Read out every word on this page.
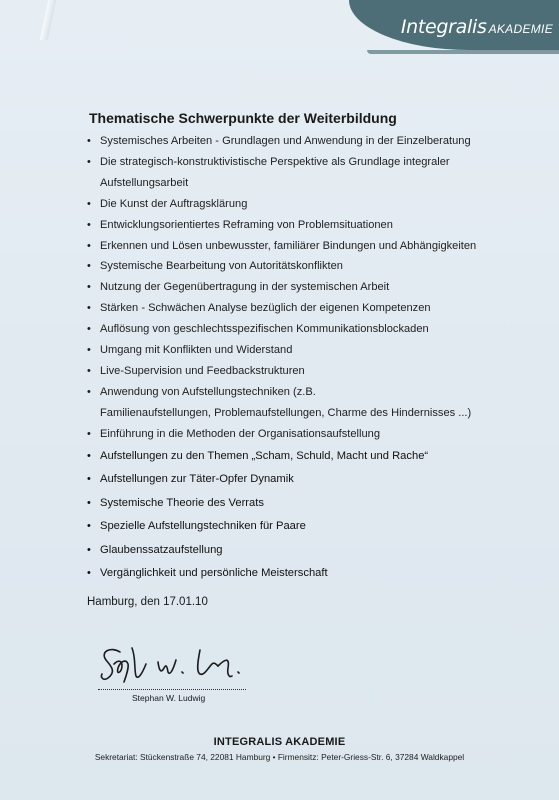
Integralis AKADEMIE
Thematische Schwerpunkte der Weiterbildung
• Systemisches Arbeiten - Grundlagen und Anwendung in der Einzelberatung
• Die strategisch-konstruktivistische Perspektive als Grundlage integraler
Aufstellungsarbeit
• Die Kunst der Auftragsklärung
• Entwicklungsorientiertes Reframing von Problemsituationen
• Erkennen und Lösen unbewusster, familiärer Bindungen und Abhängigkeiten
• Systemische Bearbeitung von Autoritätskonflikten
• Nutzung der Gegenübertragung in der systemischen Arbeit
• Stärken - Schwächen Analyse bezüglich der eigenen Kompetenzen
• Auflösung von geschlechtsspezifischen Kommunikationsblockaden
• Umgang mit Konflikten und Widerstand
• Live-Supervision und Feedbackstrukturen
• Anwendung von Aufstellungstechniken (z.B.
Familienaufstellungen, Problemaufstellungen, Charme des Hindernisses ...)
• Einführung in die Methoden der Organisationsaufstellung
• Aufstellungen zu den Themen „Scham, Schuld, Macht und Rache“
• Aufstellungen zur Täter-Opfer Dynamik
• Systemische Theorie des Verrats
• Spezielle Aufstellungstechniken für Paare
• Glaubenssatzaufstellung
• Vergänglichkeit und persönliche Meisterschaft
Hamburg, den 17.01.10
Stephan W. Ludwig
INTEGRALIS AKADEMIE
Sekretariat: Stückenstraße 74, 22081 Hamburg • Firmensitz: Peter-Griess-Str. 6, 37284 Waldkappel
